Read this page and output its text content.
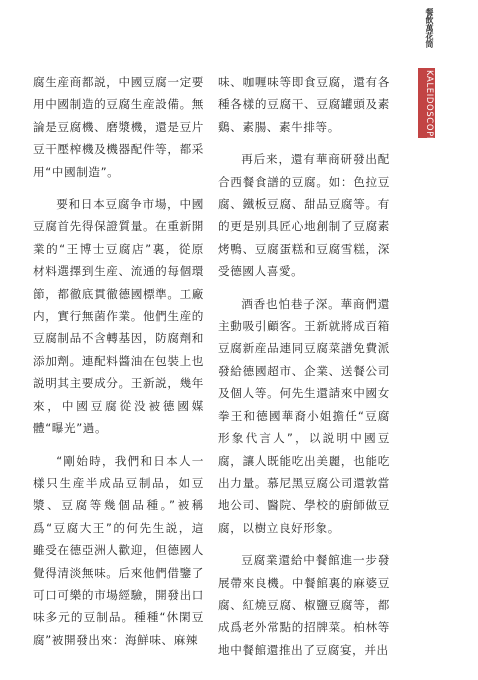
餐飲萬花筒
KALEIDOSCOPE

腐生産商都説，中國豆腐一定要用中國制造的豆腐生産設備。無論是豆腐機、磨漿機，還是豆片豆干壓榨機及機器配件等，都采用“中國制造”。

要和日本豆腐争市場，中國豆腐首先得保證質量。在重新開業的“王博士豆腐店”裏，從原材料選擇到生産、流通的每個環節，都徹底貫徹德國標準。工廠内，實行無菌作業。他們生産的豆腐制品不含轉基因，防腐劑和添加劑。連配料醬油在包裝上也説明其主要成分。王新説，幾年來，中國豆腐從没被德國媒體“曝光”過。

“剛始時，我們和日本人一樣只生産半成品豆制品，如豆漿、豆腐等幾個品種。”被稱爲“豆腐大王”的何先生説，這雖受在德亞洲人歡迎，但德國人覺得清淡無味。后來他們借鑒了可口可樂的市場經驗，開發出口味多元的豆制品。種種“休閑豆腐”被開發出來：海鮮味、麻辣

味、咖喱味等即食豆腐，還有各種各樣的豆腐干、豆腐罐頭及素鷄、素腸、素牛排等。

再后来，還有華商研發出配合西餐食譜的豆腐。如：色拉豆腐、鐵板豆腐、甜品豆腐等。有的更是别具匠心地創制了豆腐素烤鴨、豆腐蛋糕和豆腐雪糕，深受德國人喜愛。

酒香也怕巷子深。華商們還主動吸引顧客。王新就將成百箱豆腐新産品連同豆腐菜譜免費派發給德國超市、企業、送餐公司及個人等。何先生還請來中國女拳王和德國華裔小姐擔任“豆腐形象代言人”，以説明中國豆腐，讓人既能吃出美麗，也能吃出力量。慕尼黑豆腐公司還敦當地公司、醫院、學校的廚師做豆腐，以樹立良好形象。

豆腐業還給中餐館進一步發展帶來良機。中餐館裏的麻婆豆腐、紅燒豆腐、椒鹽豆腐等，都成爲老外常點的招牌菜。柏林等地中餐館還推出了豆腐宴，并出
